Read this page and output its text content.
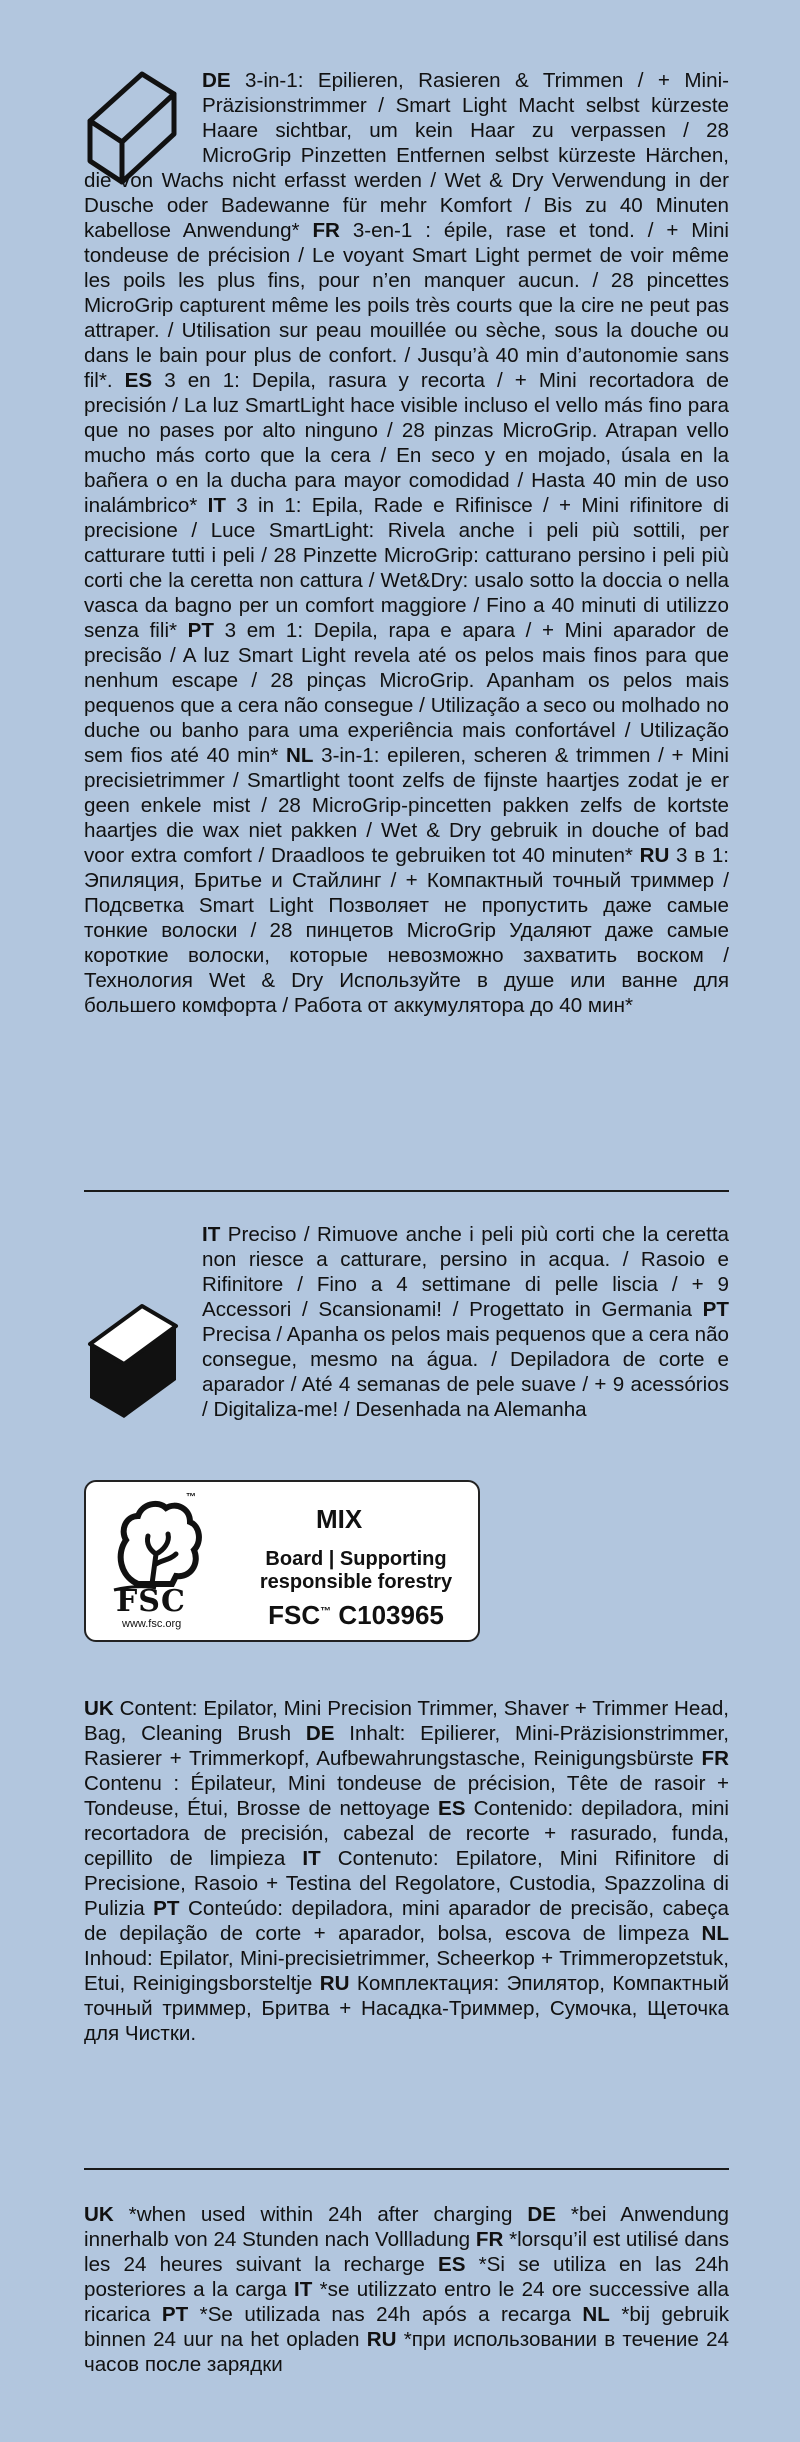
DE 3-in-1: Epilieren, Rasieren & Trimmen / + Mini-Präzisionstrimmer / Smart Light Macht selbst kürzeste Haare sichtbar, um kein Haar zu verpassen / 28 MicroGrip Pinzetten Entfernen selbst kürzeste Härchen, die von Wachs nicht erfasst werden / Wet & Dry Verwendung in der Dusche oder Badewanne für mehr Komfort / Bis zu 40 Minuten kabellose Anwendung* FR 3-en-1 : épile, rase et tond. / + Mini tondeuse de précision / Le voyant Smart Light permet de voir même les poils les plus fins, pour n’en manquer aucun. / 28 pincettes MicroGrip capturent même les poils très courts que la cire ne peut pas attraper. / Utilisation sur peau mouillée ou sèche, sous la douche ou dans le bain pour plus de confort. / Jusqu’à 40 min d’autonomie sans fil*. ES 3 en 1: Depila, rasura y recorta / + Mini recortadora de precisión / La luz SmartLight hace visible incluso el vello más fino para que no pases por alto ninguno / 28 pinzas MicroGrip. Atrapan vello mucho más corto que la cera / En seco y en mojado, úsala en la bañera o en la ducha para mayor comodidad / Hasta 40 min de uso inalámbrico* IT 3 in 1: Epila, Rade e Rifinisce / + Mini rifinitore di precisione / Luce SmartLight: Rivela anche i peli più sottili, per catturare tutti i peli / 28 Pinzette MicroGrip: catturano persino i peli più corti che la ceretta non cattura / Wet&Dry: usalo sotto la doccia o nella vasca da bagno per un comfort maggiore / Fino a 40 minuti di utilizzo senza fili* PT 3 em 1: Depila, rapa e apara / + Mini aparador de precisão / A luz Smart Light revela até os pelos mais finos para que nenhum escape / 28 pinças MicroGrip. Apanham os pelos mais pequenos que a cera não consegue / Utilização a seco ou molhado no duche ou banho para uma experiência mais confortável / Utilização sem fios até 40 min* NL 3-in-1: epileren, scheren & trimmen / + Mini precisietrimmer / Smartlight toont zelfs de fijnste haartjes zodat je er geen enkele mist / 28 MicroGrip-pincetten pakken zelfs de kortste haartjes die wax niet pakken / Wet & Dry gebruik in douche of bad voor extra comfort / Draadloos te gebruiken tot 40 minuten* RU 3 в 1: Эпиляция, Бритье и Стайлинг / + Компактный точный триммер / Подсветка Smart Light Позволяет не пропустить даже самые тонкие волоски / 28 пинцетов MicroGrip Удаляют даже самые короткие волоски, которые невозможно захватить воском / Технология Wet & Dry Используйте в душе или ванне для большего комфорта / Работа от аккумулятора до 40 мин*
IT Preciso / Rimuove anche i peli più corti che la ceretta non riesce a catturare, persino in acqua. / Rasoio e Rifinitore / Fino a 4 settimane di pelle liscia / + 9 Accessori / Scansionami! / Progettato in Germania PT Precisa / Apanha os pelos mais pequenos que a cera não consegue, mesmo na água. / Depiladora de corte e aparador / Até 4 semanas de pele suave / + 9 acessórios / Digitaliza-me! / Desenhada na Alemanha
™
FSC
www.fsc.org
MIX
Board | Supporting
responsible forestry
FSC™ C103965
UK Content: Epilator, Mini Precision Trimmer, Shaver + Trimmer Head, Bag, Cleaning Brush DE Inhalt: Epilierer, Mini-Präzisionstrimmer, Rasierer + Trimmerkopf, Aufbewahrungstasche, Reinigungsbürste FR Contenu : Épilateur, Mini tondeuse de précision, Tête de rasoir + Tondeuse, Étui, Brosse de nettoyage ES Contenido: depiladora, mini recortadora de precisión, cabezal de recorte + rasurado, funda, cepillito de limpieza IT Contenuto: Epilatore, Mini Rifinitore di Precisione, Rasoio + Testina del Regolatore, Custodia, Spazzolina di Pulizia PT Conteúdo: depiladora, mini aparador de precisão, cabeça de depilação de corte + aparador, bolsa, escova de limpeza NL Inhoud: Epilator, Mini-precisietrimmer, Scheerkop + Trimmeropzetstuk, Etui, Reinigingsborsteltje RU Комплектация: Эпилятор, Компактный точный триммер, Бритва + Насадка-Триммер, Сумочка, Щеточка для Чистки.
UK *when used within 24h after charging DE *bei Anwendung innerhalb von 24 Stunden nach Vollladung FR *lorsqu’il est utilisé dans les 24 heures suivant la recharge ES *Si se utiliza en las 24h posteriores a la carga IT *se utilizzato entro le 24 ore successive alla ricarica PT *Se utilizada nas 24h após a recarga NL *bij gebruik binnen 24 uur na het opladen RU *при использовании в течение 24 часов после зарядки
